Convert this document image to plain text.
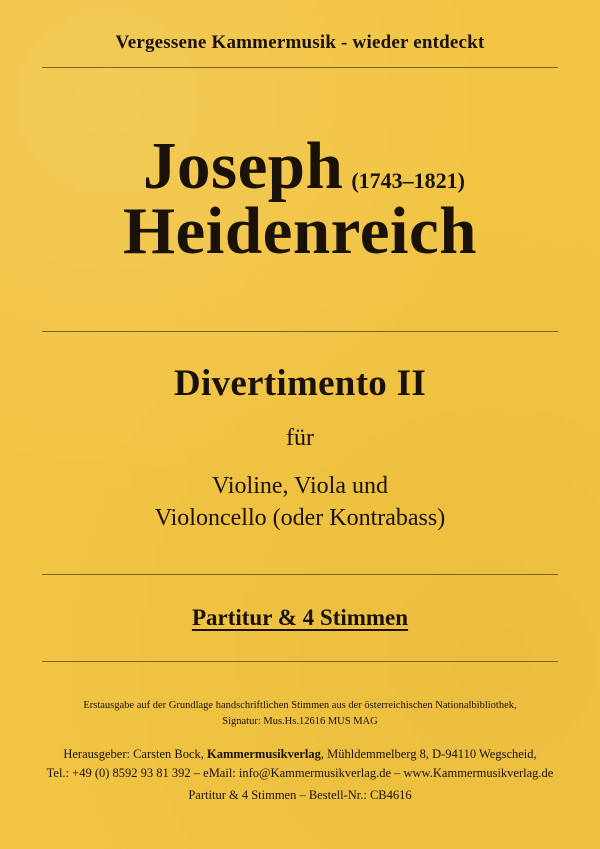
Vergessene Kammermusik - wieder entdeckt
Joseph (1743–1821)
Heidenreich
Divertimento II
für
Violine, Viola und
Violoncello (oder Kontrabass)
Partitur & 4 Stimmen
Erstausgabe auf der Grundlage handschriftlichen Stimmen aus der österreichischen Nationalbibliothek,
Signatur: Mus.Hs.12616 MUS MAG
Herausgeber: Carsten Bock, Kammermusikverlag, Mühldemmelberg 8, D-94110 Wegscheid,
Tel.: +49 (0) 8592 93 81 392 – eMail: info@Kammermusikverlag.de – www.Kammermusikverlag.de
Partitur & 4 Stimmen – Bestell-Nr.: CB4616
